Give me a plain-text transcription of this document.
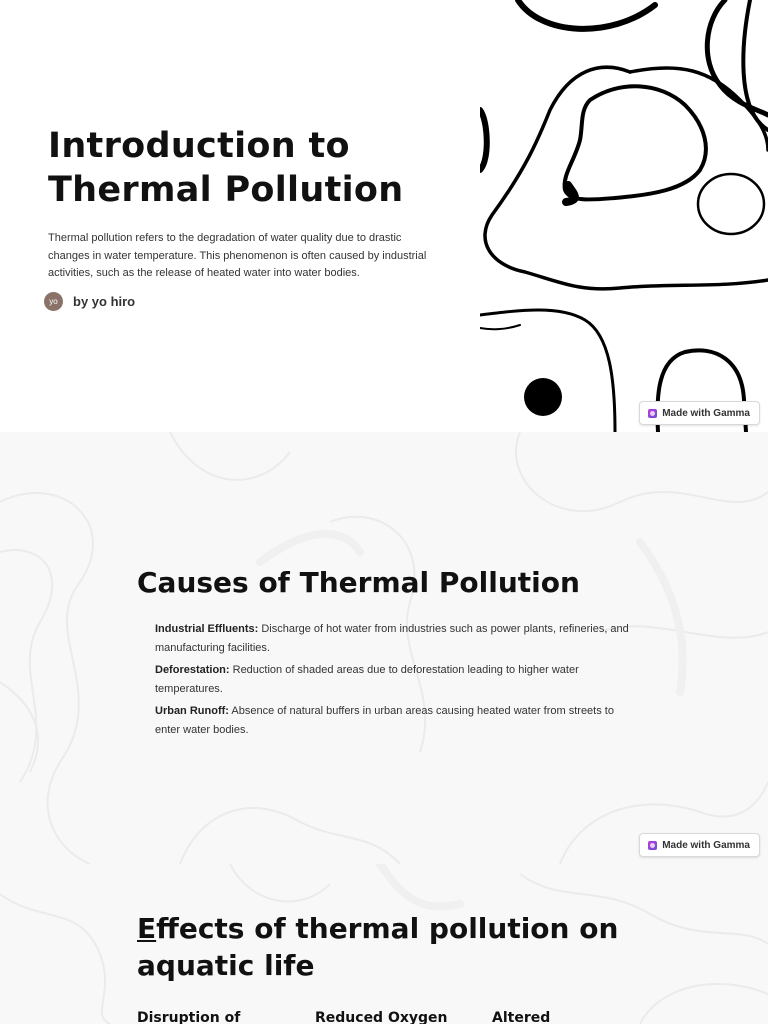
Introduction to Thermal Pollution

Thermal pollution refers to the degradation of water quality due to drastic changes in water temperature. This phenomenon is often caused by industrial activities, such as the release of heated water into water bodies.

yo	by yo hiro
Made with Gamma
Causes of Thermal Pollution
Industrial Effluents: Discharge of hot water from industries such as power plants, refineries, and manufacturing facilities.
Deforestation: Reduction of shaded areas due to deforestation leading to higher water temperatures.
Urban Runoff: Absence of natural buffers in urban areas causing heated water from streets to enter water bodies.
Made with Gamma
Effects of thermal pollution on aquatic life
Disruption of	Reduced Oxygen	Altered
